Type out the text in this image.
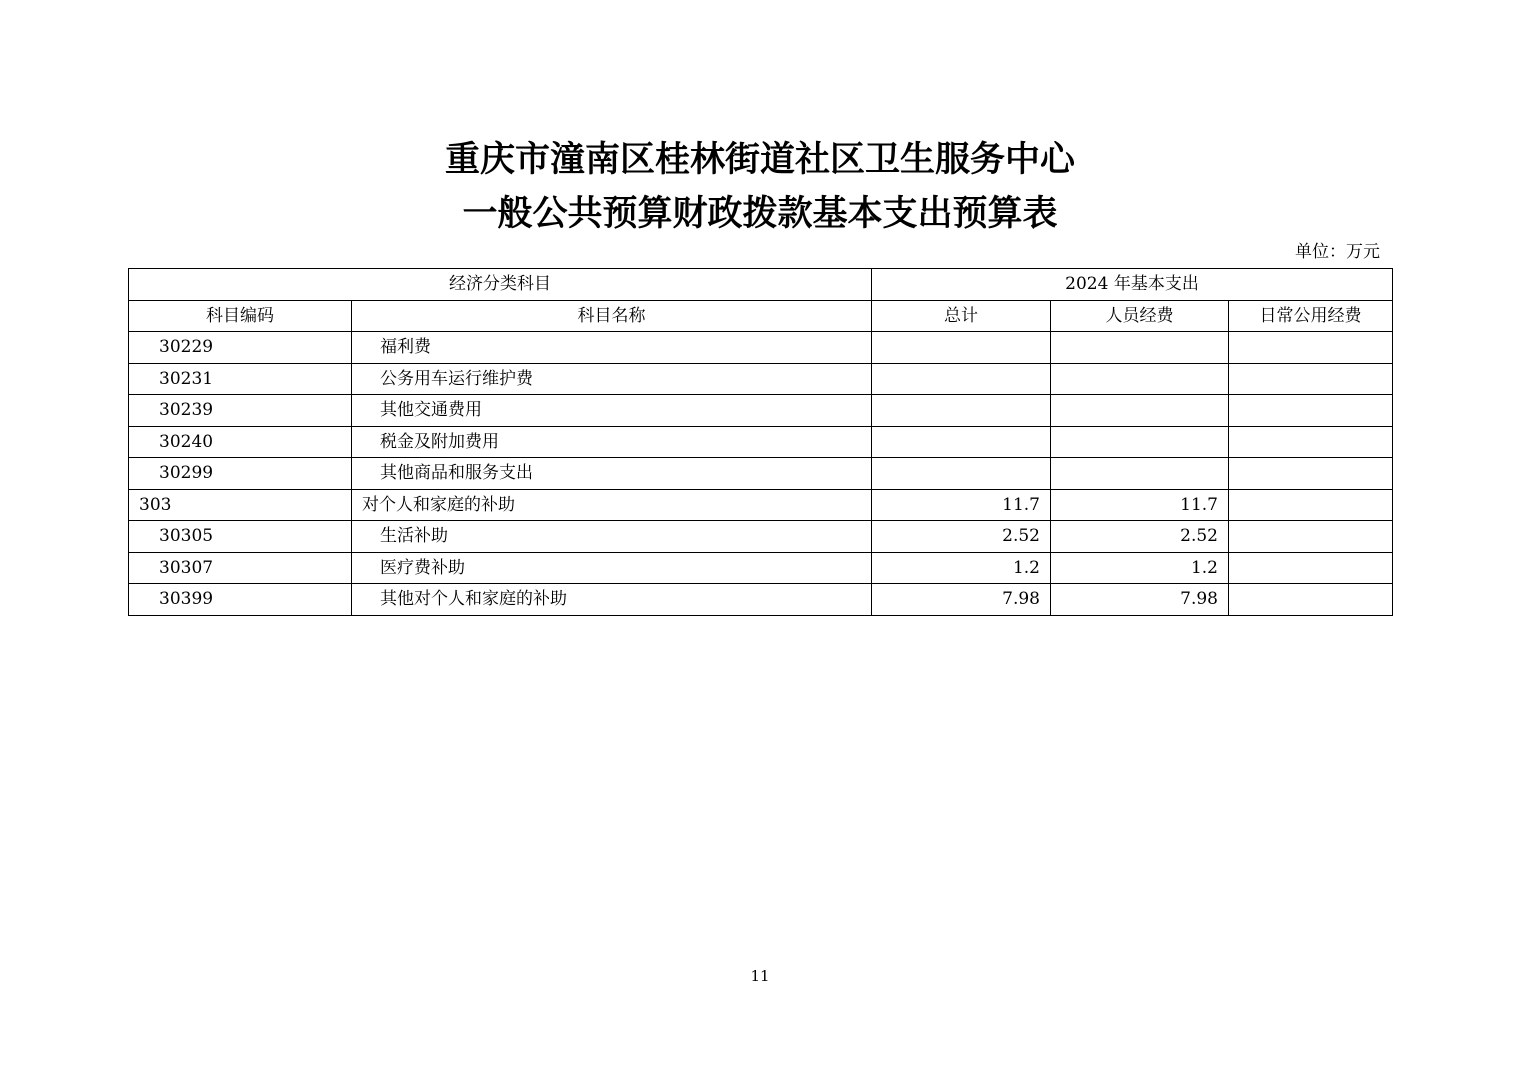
重庆市潼南区桂林街道社区卫生服务中心
一般公共预算财政拨款基本支出预算表
单位：万元
经济分类科目		2024 年基本支出		
科目编码	科目名称	总计	人员经费	日常公用经费
30229	福利费			
30231	公务用车运行维护费			
30239	其他交通费用			
30240	税金及附加费用			
30299	其他商品和服务支出			
303	对个人和家庭的补助	11.7	11.7	
30305	生活补助	2.52	2.52	
30307	医疗费补助	1.2	1.2	
30399	其他对个人和家庭的补助	7.98	7.98	
11
